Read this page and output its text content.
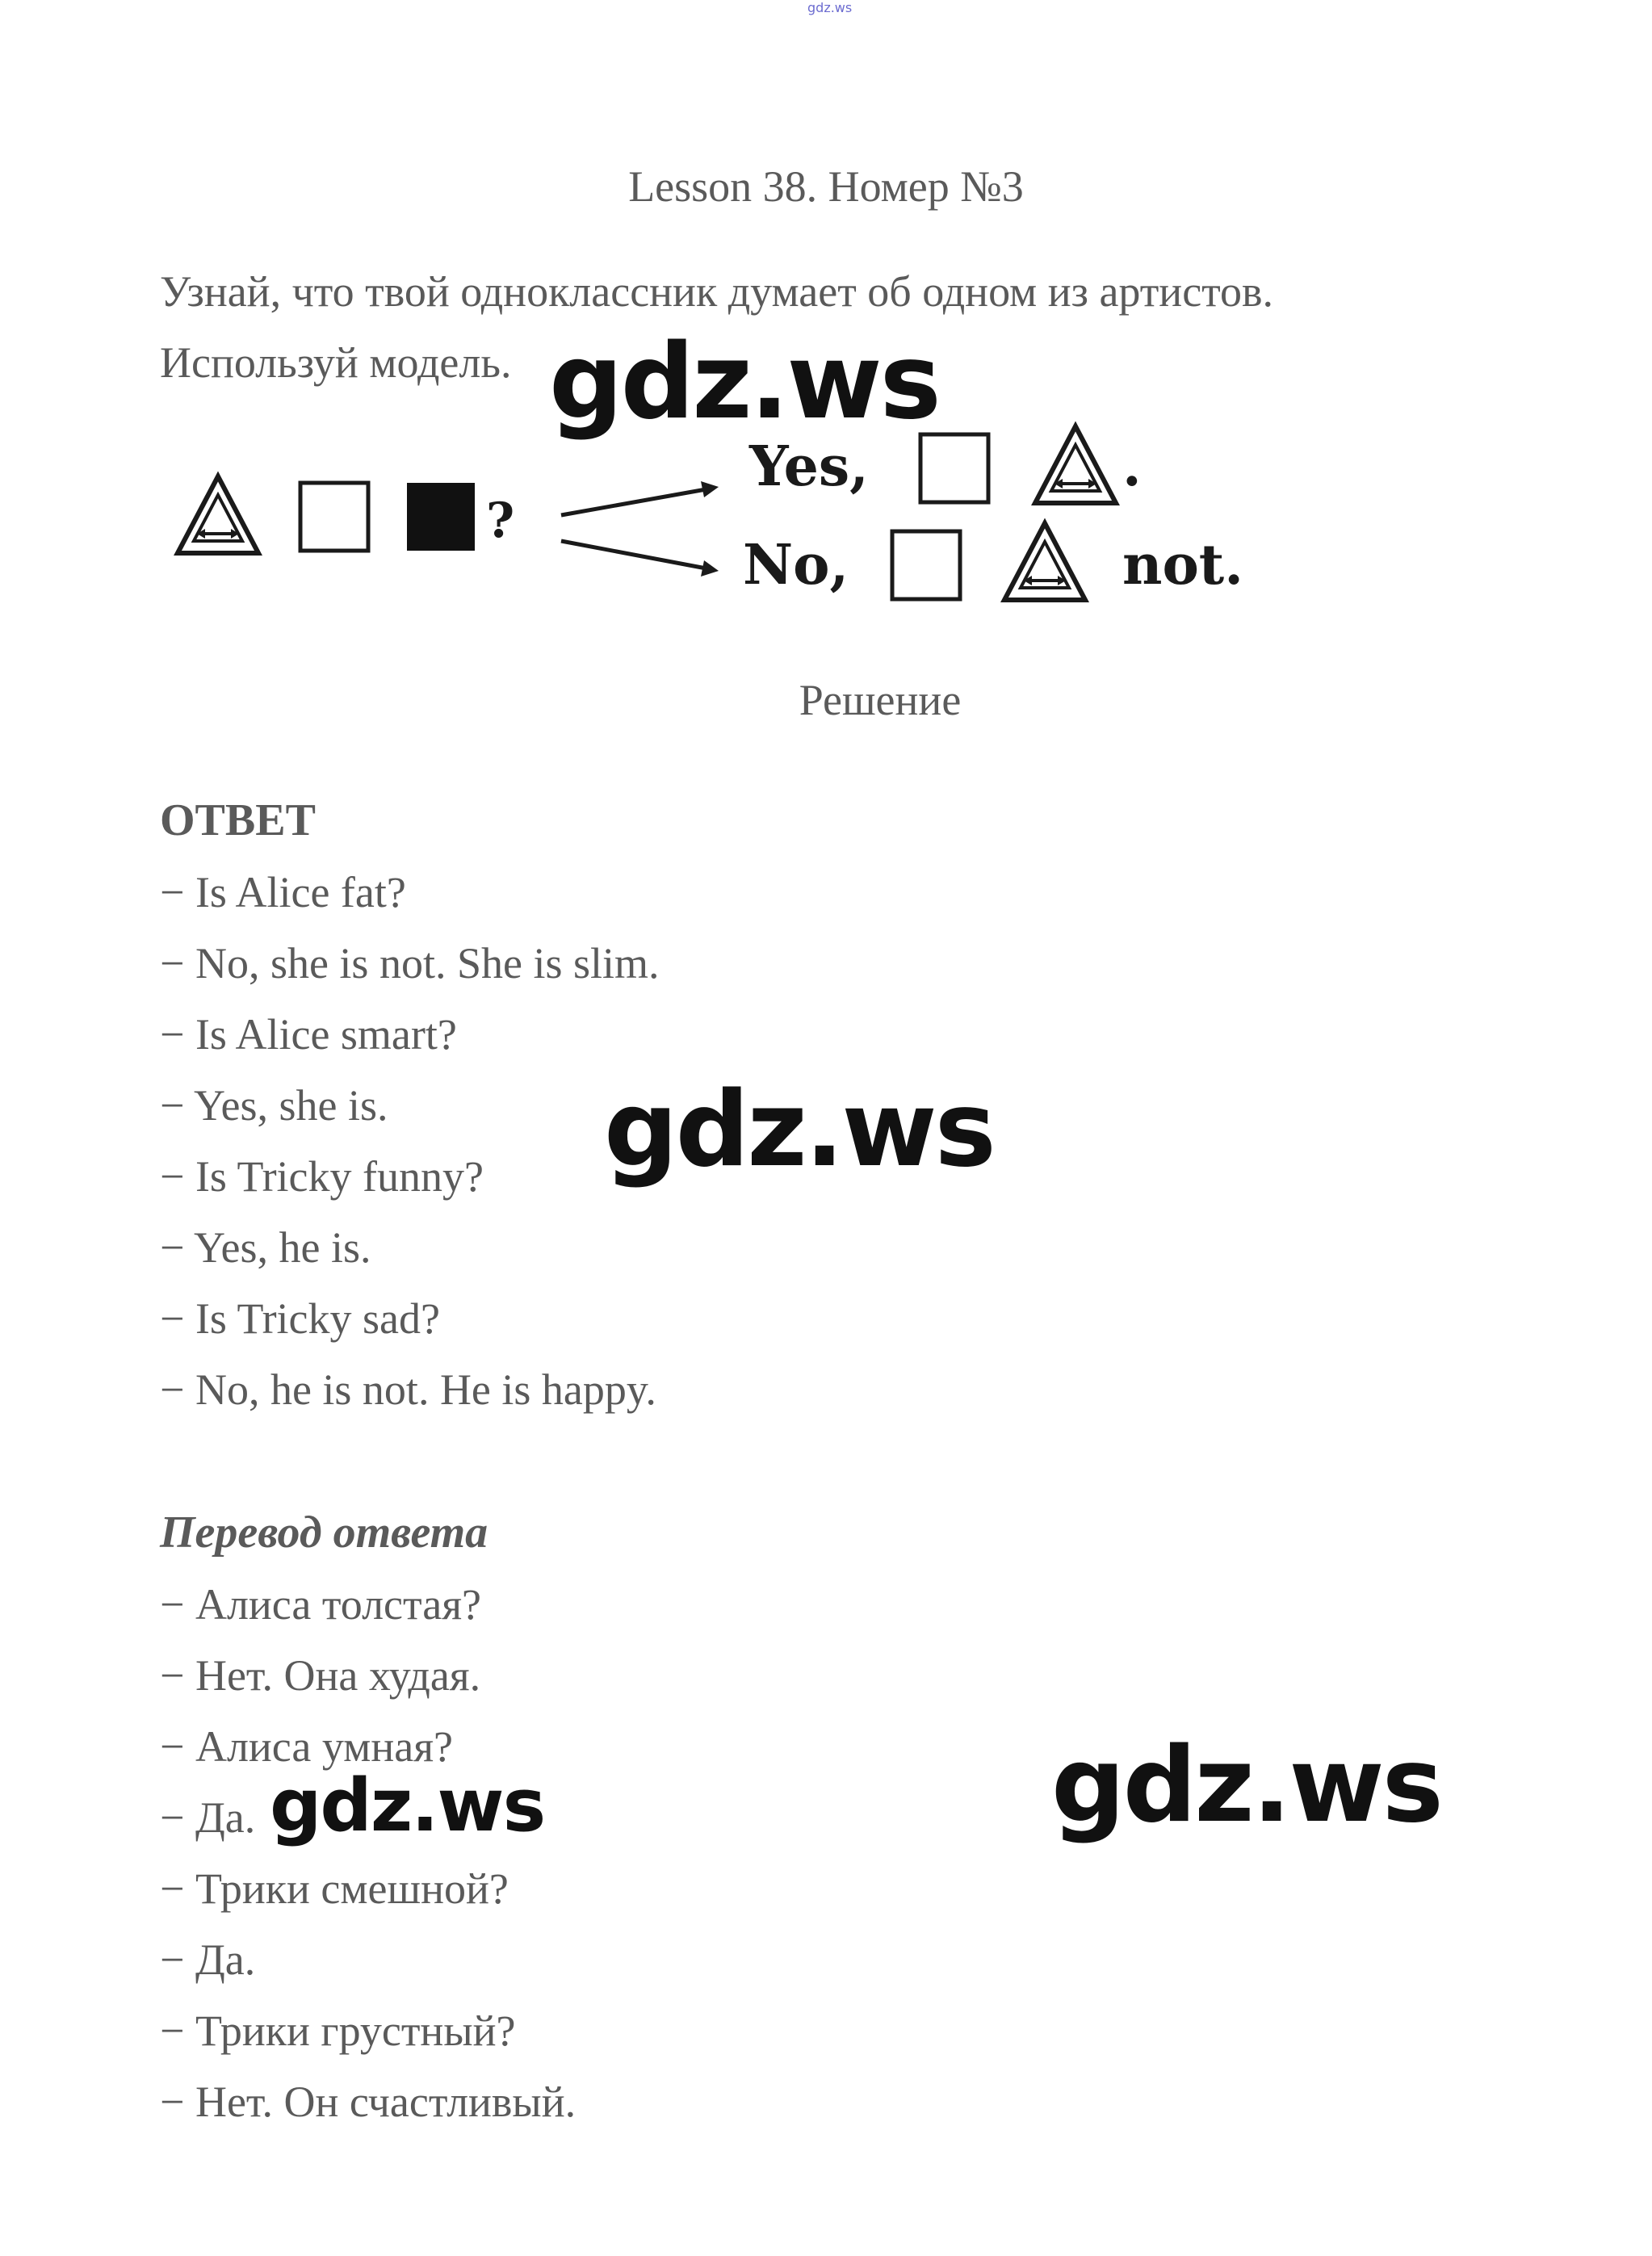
gdz.ws
Lesson 38. Номер №3
Узнай, что твой одноклассник думает об одном из артистов.
Используй модель.
?
Yes,	.
No,	not.
Решение
ОТВЕТ
− Is Alice fat?
− No, she is not. She is slim.
− Is Alice smart?
− Yes, she is.
− Is Tricky funny?
− Yes, he is.
− Is Tricky sad?
− No, he is not. He is happy.
Перевод ответа
− Алиса толстая?
− Нет. Она худая.
− Алиса умная?
− Да.
− Трики смешной?
− Да.
− Трики грустный?
− Нет. Он счастливый.
gdz.ws
gdz.ws
gdz.ws
gdz.ws
